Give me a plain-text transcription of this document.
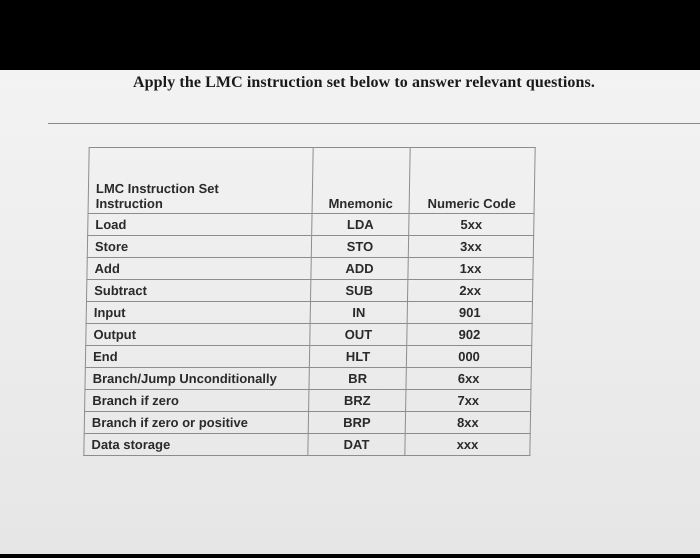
Apply the LMC instruction set below to answer relevant questions.
LMC Instruction Set
Instruction	Mnemonic	Numeric Code
Load	LDA	5xx
Store	STO	3xx
Add	ADD	1xx
Subtract	SUB	2xx
Input	IN	901
Output	OUT	902
End	HLT	000
Branch/Jump Unconditionally	BR	6xx
Branch if zero	BRZ	7xx
Branch if zero or positive	BRP	8xx
Data storage	DAT	xxx
